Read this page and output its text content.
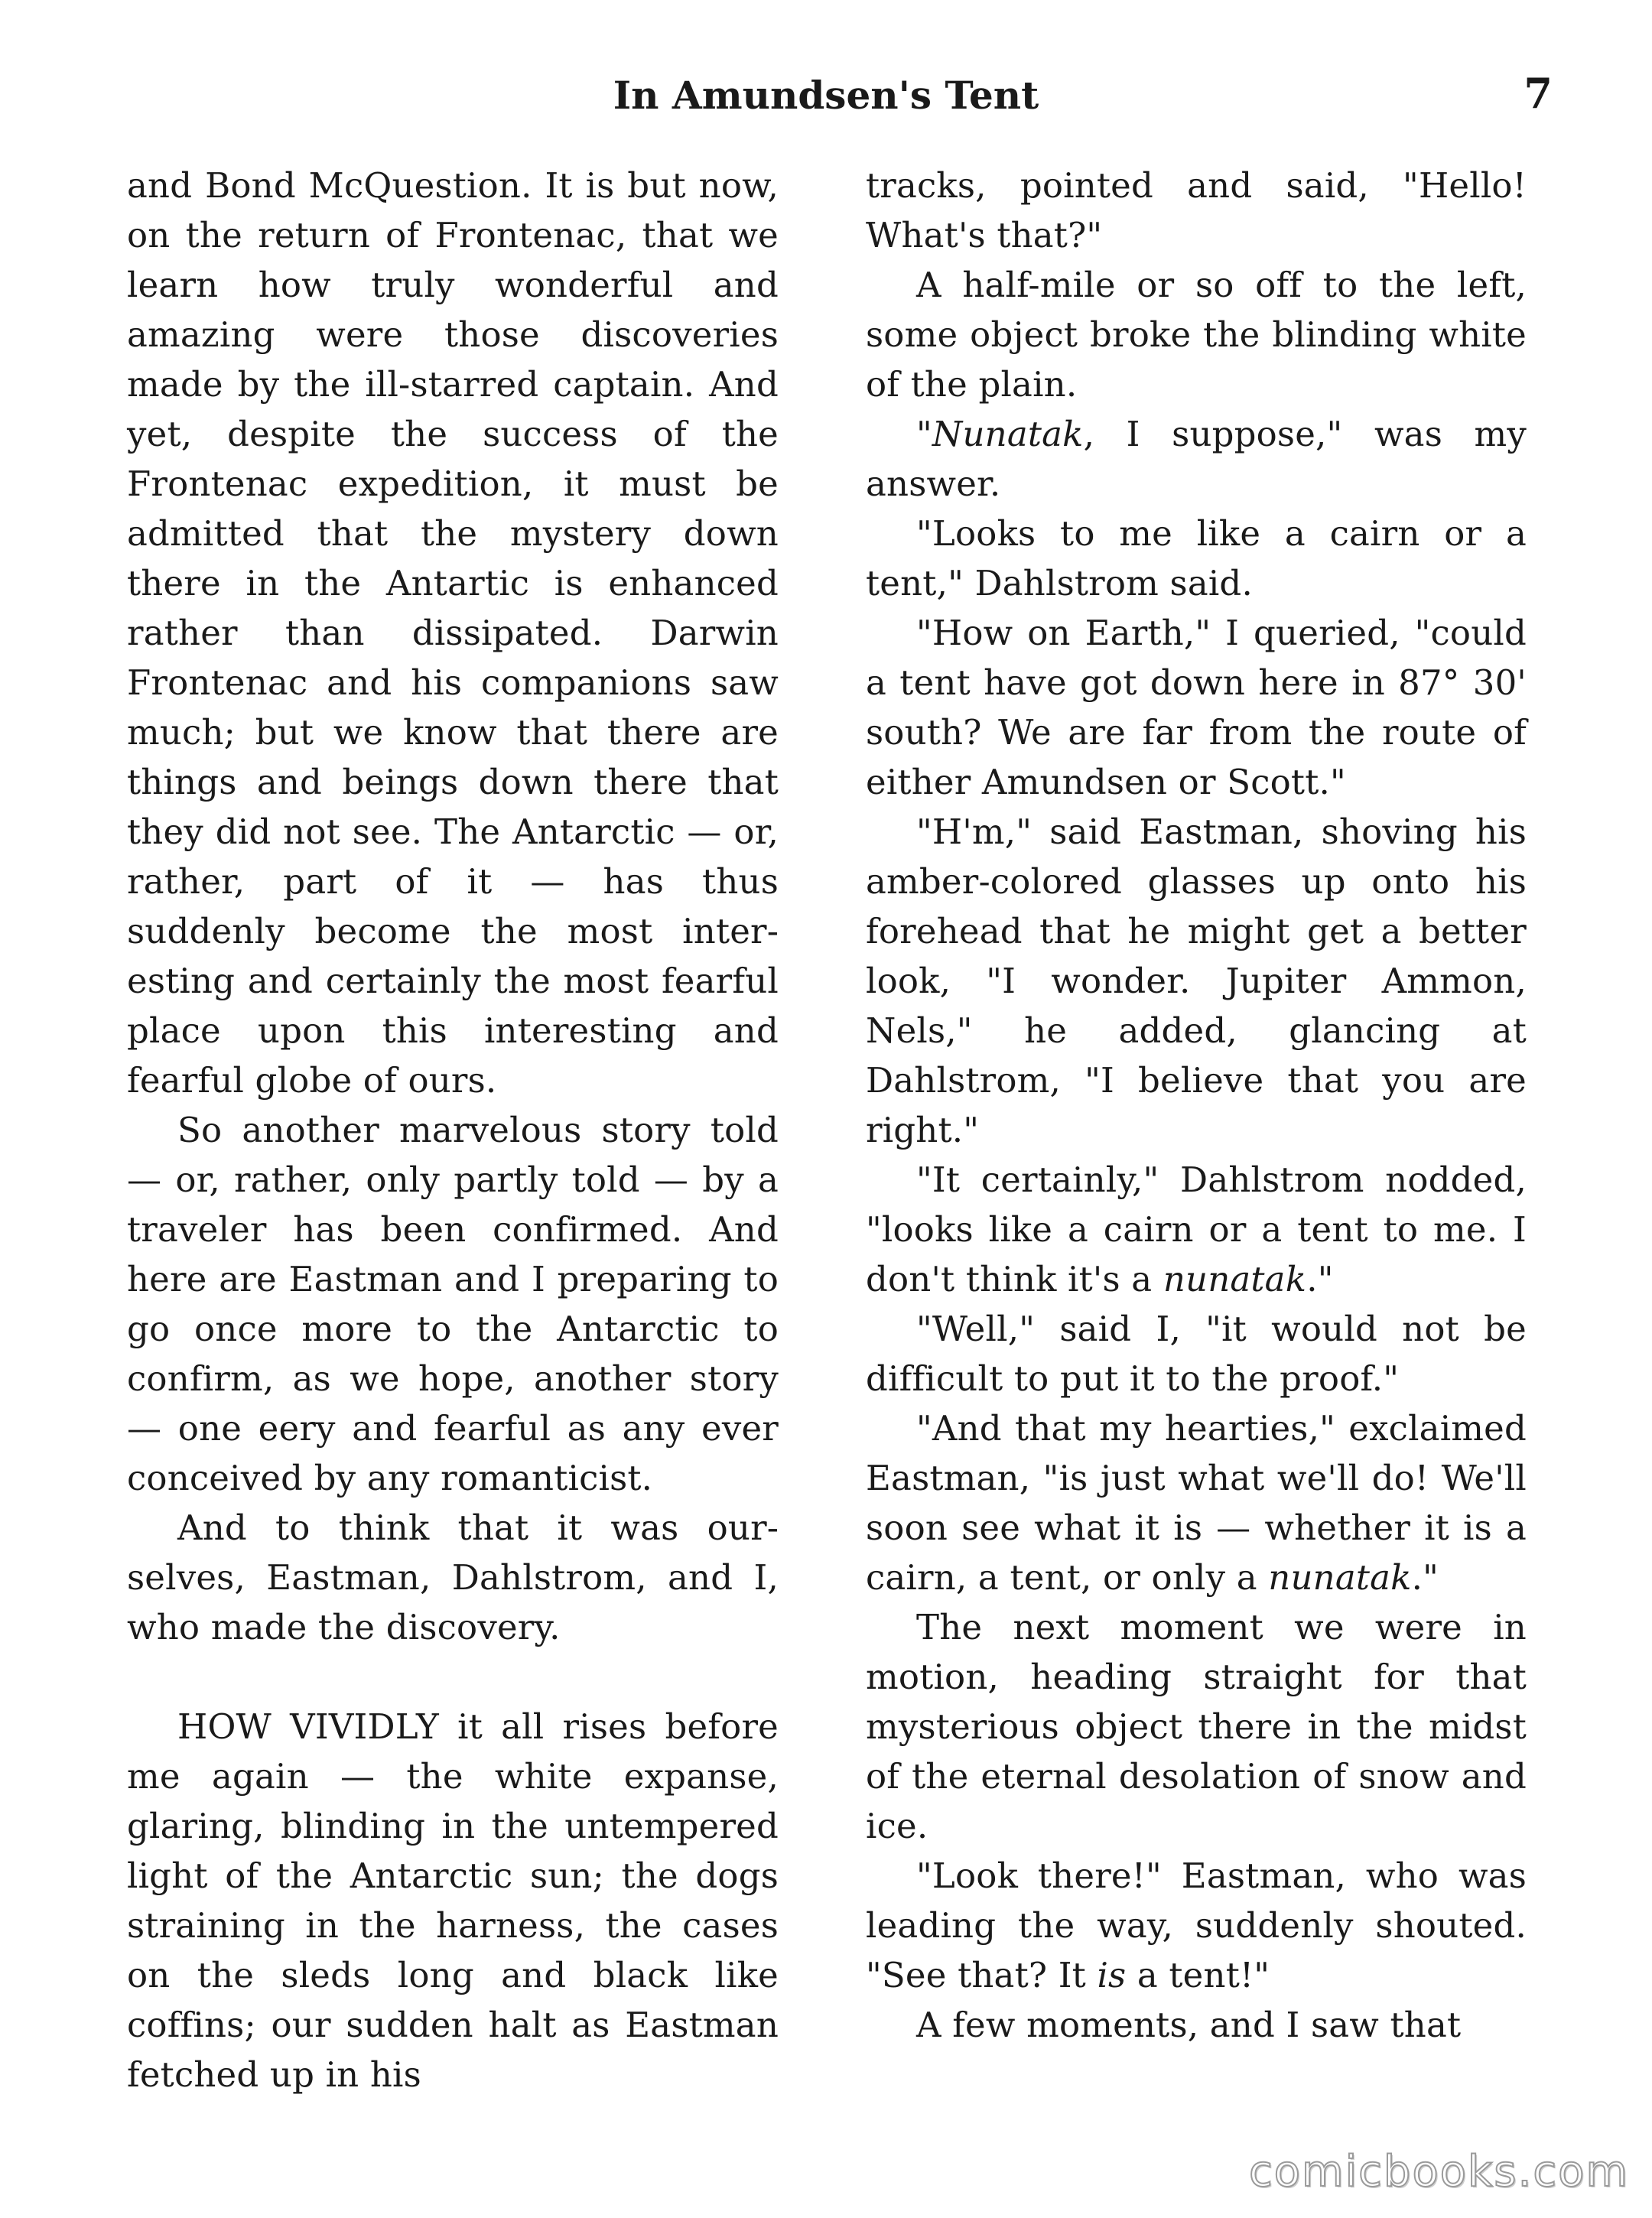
In Amundsen's Tent	7

and Bond McQuestion. It is but now, on the return of Frontenac, that we learn how truly wonderful and amazing were those discoveries made by the ill-starred captain. And yet, despite the success of the Frontenac expedition, it must be admitted that the mystery down there in the Antartic is enhanced rather than dissipated. Darwin Frontenac and his companions saw much; but we know that there are things and beings down there that they did not see. The Antarctic — or, rather, part of it — has thus suddenly become the most interesting and certainly the most fearful place upon this interesting and fearful globe of ours.

So another marvelous story told — or, rather, only partly told — by a traveler has been confirmed. And here are Eastman and I preparing to go once more to the Antarctic to confirm, as we hope, another story — one eery and fearful as any ever conceived by any romanticist.

And to think that it was ourselves, Eastman, Dahlstrom, and I, who made the discovery.

HOW VIVIDLY it all rises before me again — the white expanse, glaring, blinding in the untempered light of the Antarctic sun; the dogs straining in the harness, the cases on the sleds long and black like coffins; our sudden halt as Eastman fetched up in his

tracks, pointed and said, "Hello! What's that?"

A half-mile or so off to the left, some object broke the blinding white of the plain.

"Nunatak, I suppose," was my answer.

"Looks to me like a cairn or a tent," Dahlstrom said.

"How on Earth," I queried, "could a tent have got down here in 87° 30' south? We are far from the route of either Amundsen or Scott."

"H'm," said Eastman, shoving his amber-colored glasses up onto his forehead that he might get a better look, "I wonder. Jupiter Ammon, Nels," he added, glancing at Dahlstrom, "I believe that you are right."

"It certainly," Dahlstrom nodded, "looks like a cairn or a tent to me. I don't think it's a nunatak."

"Well," said I, "it would not be difficult to put it to the proof."

"And that my hearties," exclaimed Eastman, "is just what we'll do! We'll soon see what it is — whether it is a cairn, a tent, or only a nunatak."

The next moment we were in motion, heading straight for that mysterious object there in the midst of the eternal desolation of snow and ice.

"Look there!" Eastman, who was leading the way, suddenly shouted. "See that? It is a tent!"

A few moments, and I saw that

comicbooks.com
